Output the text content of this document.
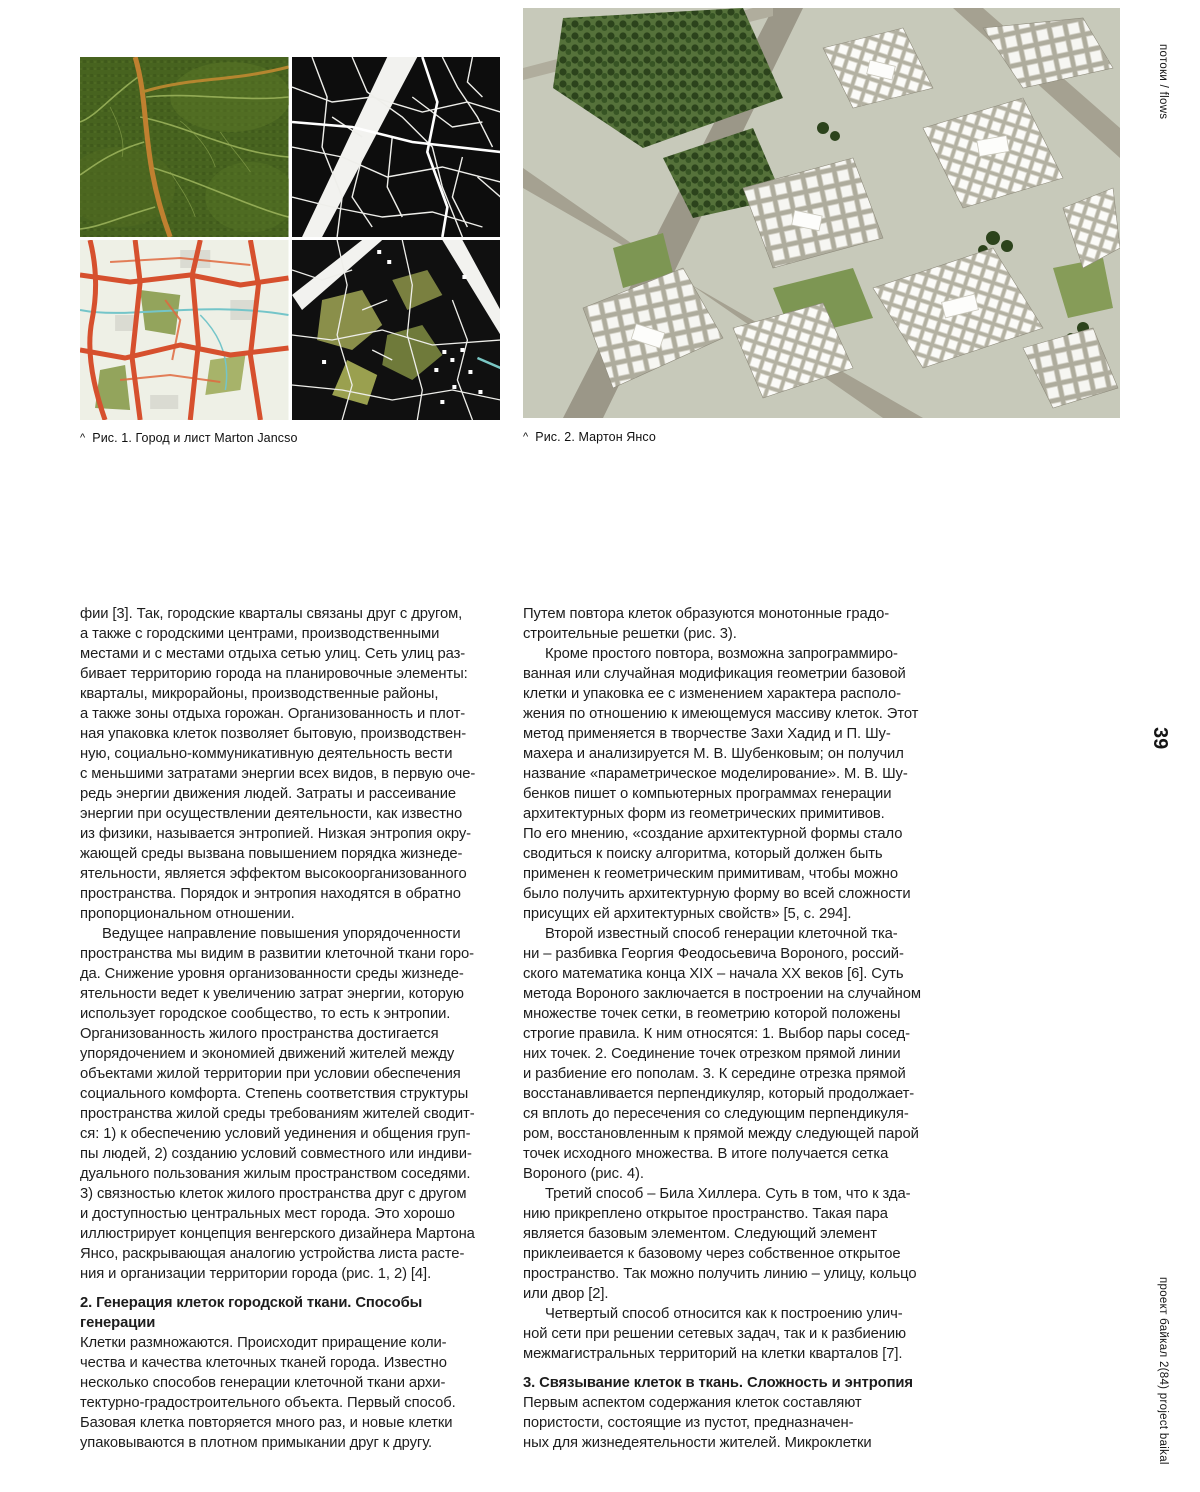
^ Рис. 1. Город и лист Marton Jancso	^ Рис. 2. Мартон Янсо
фии [3]. Так, городские кварталы связаны друг с другом,
а также с городскими центрами, производственными
местами и с местами отдыха сетью улиц. Сеть улиц раз-
бивает территорию города на планировочные элементы:
кварталы, микрорайоны, производственные районы,
а также зоны отдыха горожан. Организованность и плот-
ная упаковка клеток позволяет бытовую, производствен-
ную, социально-коммуникативную деятельность вести
с меньшими затратами энергии всех видов, в первую оче-
редь энергии движения людей. Затраты и рассеивание
энергии при осуществлении деятельности, как известно
из физики, называется энтропией. Низкая энтропия окру-
жающей среды вызвана повышением порядка жизнеде-
ятельности, является эффектом высокоорганизованного
пространства. Порядок и энтропия находятся в обратно
пропорциональном отношении.
Ведущее направление повышения упорядоченности
пространства мы видим в развитии клеточной ткани горо-
да. Снижение уровня организованности среды жизнеде-
ятельности ведет к увеличению затрат энергии, которую
использует городское сообщество, то есть к энтропии.
Организованность жилого пространства достигается
упорядочением и экономией движений жителей между
объектами жилой территории при условии обеспечения
социального комфорта. Степень соответствия структуры
пространства жилой среды требованиям жителей сводит-
ся: 1) к обеспечению условий уединения и общения груп-
пы людей, 2) созданию условий совместного или индиви-
дуального пользования жилым пространством соседями.
3) связностью клеток жилого пространства друг с другом
и доступностью центральных мест города. Это хорошо
иллюстрирует концепция венгерского дизайнера Мартона
Янсо, раскрывающая аналогию устройства листа расте-
ния и организации территории города (рис. 1, 2) [4].
2. Генерация клеток городской ткани. Способы
генерации
Клетки размножаются. Происходит приращение коли-
чества и качества клеточных тканей города. Известно
несколько способов генерации клеточной ткани архи-
тектурно-градостроительного объекта. Первый способ.
Базовая клетка повторяется много раз, и новые клетки
упаковываются в плотном примыкании друг к другу.
Путем повтора клеток образуются монотонные градо-
строительные решетки (рис. 3).
Кроме простого повтора, возможна запрограммиро-
ванная или случайная модификация геометрии базовой
клетки и упаковка ее с изменением характера располо-
жения по отношению к имеющемуся массиву клеток. Этот
метод применяется в творчестве Захи Хадид и П. Шу-
махера и анализируется М. В. Шубенковым; он получил
название «параметрическое моделирование». М. В. Шу-
бенков пишет о компьютерных программах генерации
архитектурных форм из геометрических примитивов.
По его мнению, «создание архитектурной формы стало
сводиться к поиску алгоритма, который должен быть
применен к геометрическим примитивам, чтобы можно
было получить архитектурную форму во всей сложности
присущих ей архитектурных свойств» [5, с. 294].
Второй известный способ генерации клеточной тка-
ни – разбивка Георгия Феодосьевича Вороного, россий-
ского математика конца XIX – начала XX веков [6]. Суть
метода Вороного заключается в построении на случайном
множестве точек сетки, в геометрию которой положены
строгие правила. К ним относятся: 1. Выбор пары сосед-
них точек. 2. Соединение точек отрезком прямой линии
и разбиение его пополам. 3. К середине отрезка прямой
восстанавливается перпендикуляр, который продолжает-
ся вплоть до пересечения со следующим перпендикуля-
ром, восстановленным к прямой между следующей парой
точек исходного множества. В итоге получается сетка
Вороного (рис. 4).
Третий способ – Била Хиллера. Суть в том, что к зда-
нию прикреплено открытое пространство. Такая пара
является базовым элементом. Следующий элемент
приклеивается к базовому через собственное открытое
пространство. Так можно получить линию – улицу, кольцо
или двор [2].
Четвертый способ относится как к построению улич-
ной сети при решении сетевых задач, так и к разбиению
межмагистральных территорий на клетки кварталов [7].
3. Связывание клеток в ткань. Сложность и энтропия
Первым аспектом содержания клеток составляют
пористости, состоящие из пустот, предназначен-
ных для жизнедеятельности жителей. Микроклетки
потоки / flows
39
проект байкал 2(84) project baikal
